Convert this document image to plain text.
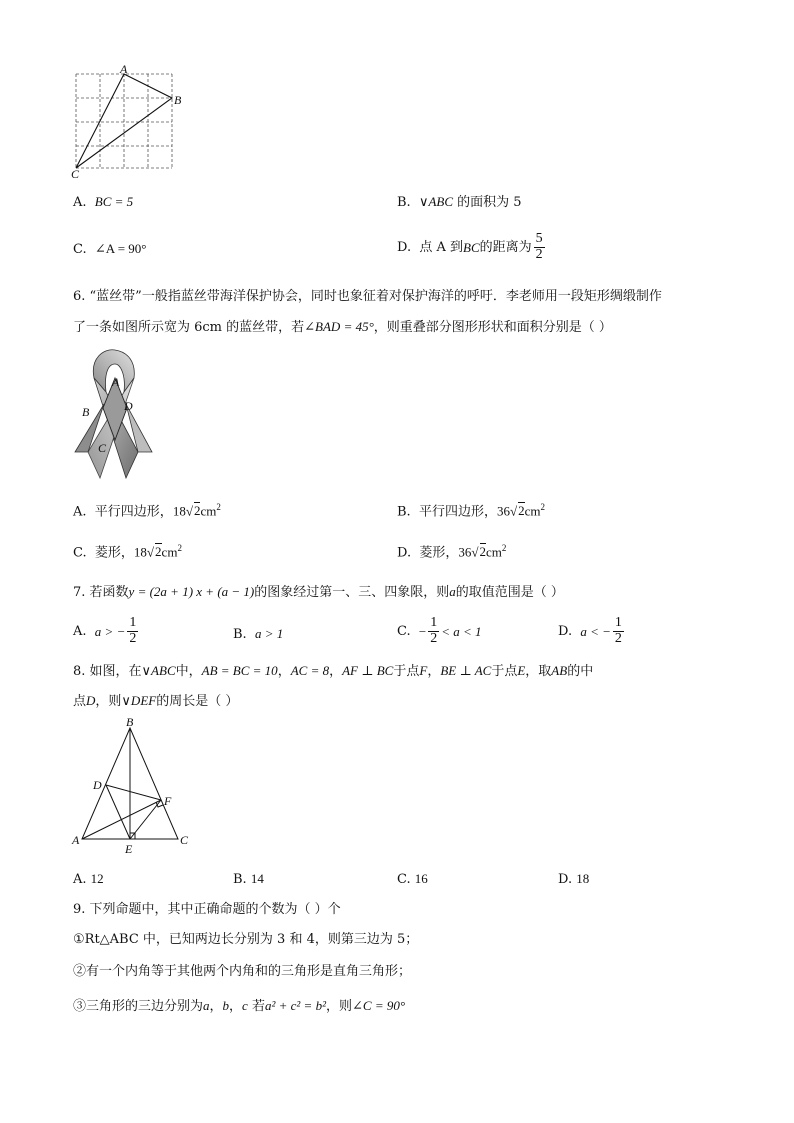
A
B
C
A. BC = 5	B. ∨ABC 的面积为 5
C. ∠A = 90°	D.
点 A 到 BC 的距离为 $\frac{5}{2}$
6. “蓝丝带”一般指蓝丝带海洋保护协会，同时也象征着对保护海洋的呼吁．李老师用一段矩形绸缎制作
了一条如图所示宽为 6cm 的蓝丝带，若∠BAD = 45°，则重叠部分图形形状和面积分别是（ ）
A
B	D
C
A. 平行四边形，$18√2cm^2$	B. 平行四边形，$36√2cm^2$
C. 菱形，$18√2cm^2$	D. 菱形，$36√2cm^2$
7. 若函数y = (2a + 1) x + (a − 1)的图象经过第一、三、四象限，则a的取值范围是（ ）
A.
a > − $\frac{1}{2}$	B. a > 1	C.
− $\frac{1}{2} < a < 1$	D.
a < − $\frac{1}{2}$
8. 如图，在∨ABC中，AB = BC = 10，AC = 8，AF ⊥ BC于点F，BE ⊥ AC于点E，取AB的中
点D，则∨DEF的周长是（ ）
B
D
F
A
E
C
A. 12	B. 14	C. 16	D. 18
9. 下列命题中，其中正确命题的个数为（ ）个
①Rt△ABC 中，已知两边长分别为 3 和 4，则第三边为 5；
②有一个内角等于其他两个内角和的三角形是直角三角形；
③三角形的三边分别为a，b，c 若a² + c² = b²，则∠C = 90°
